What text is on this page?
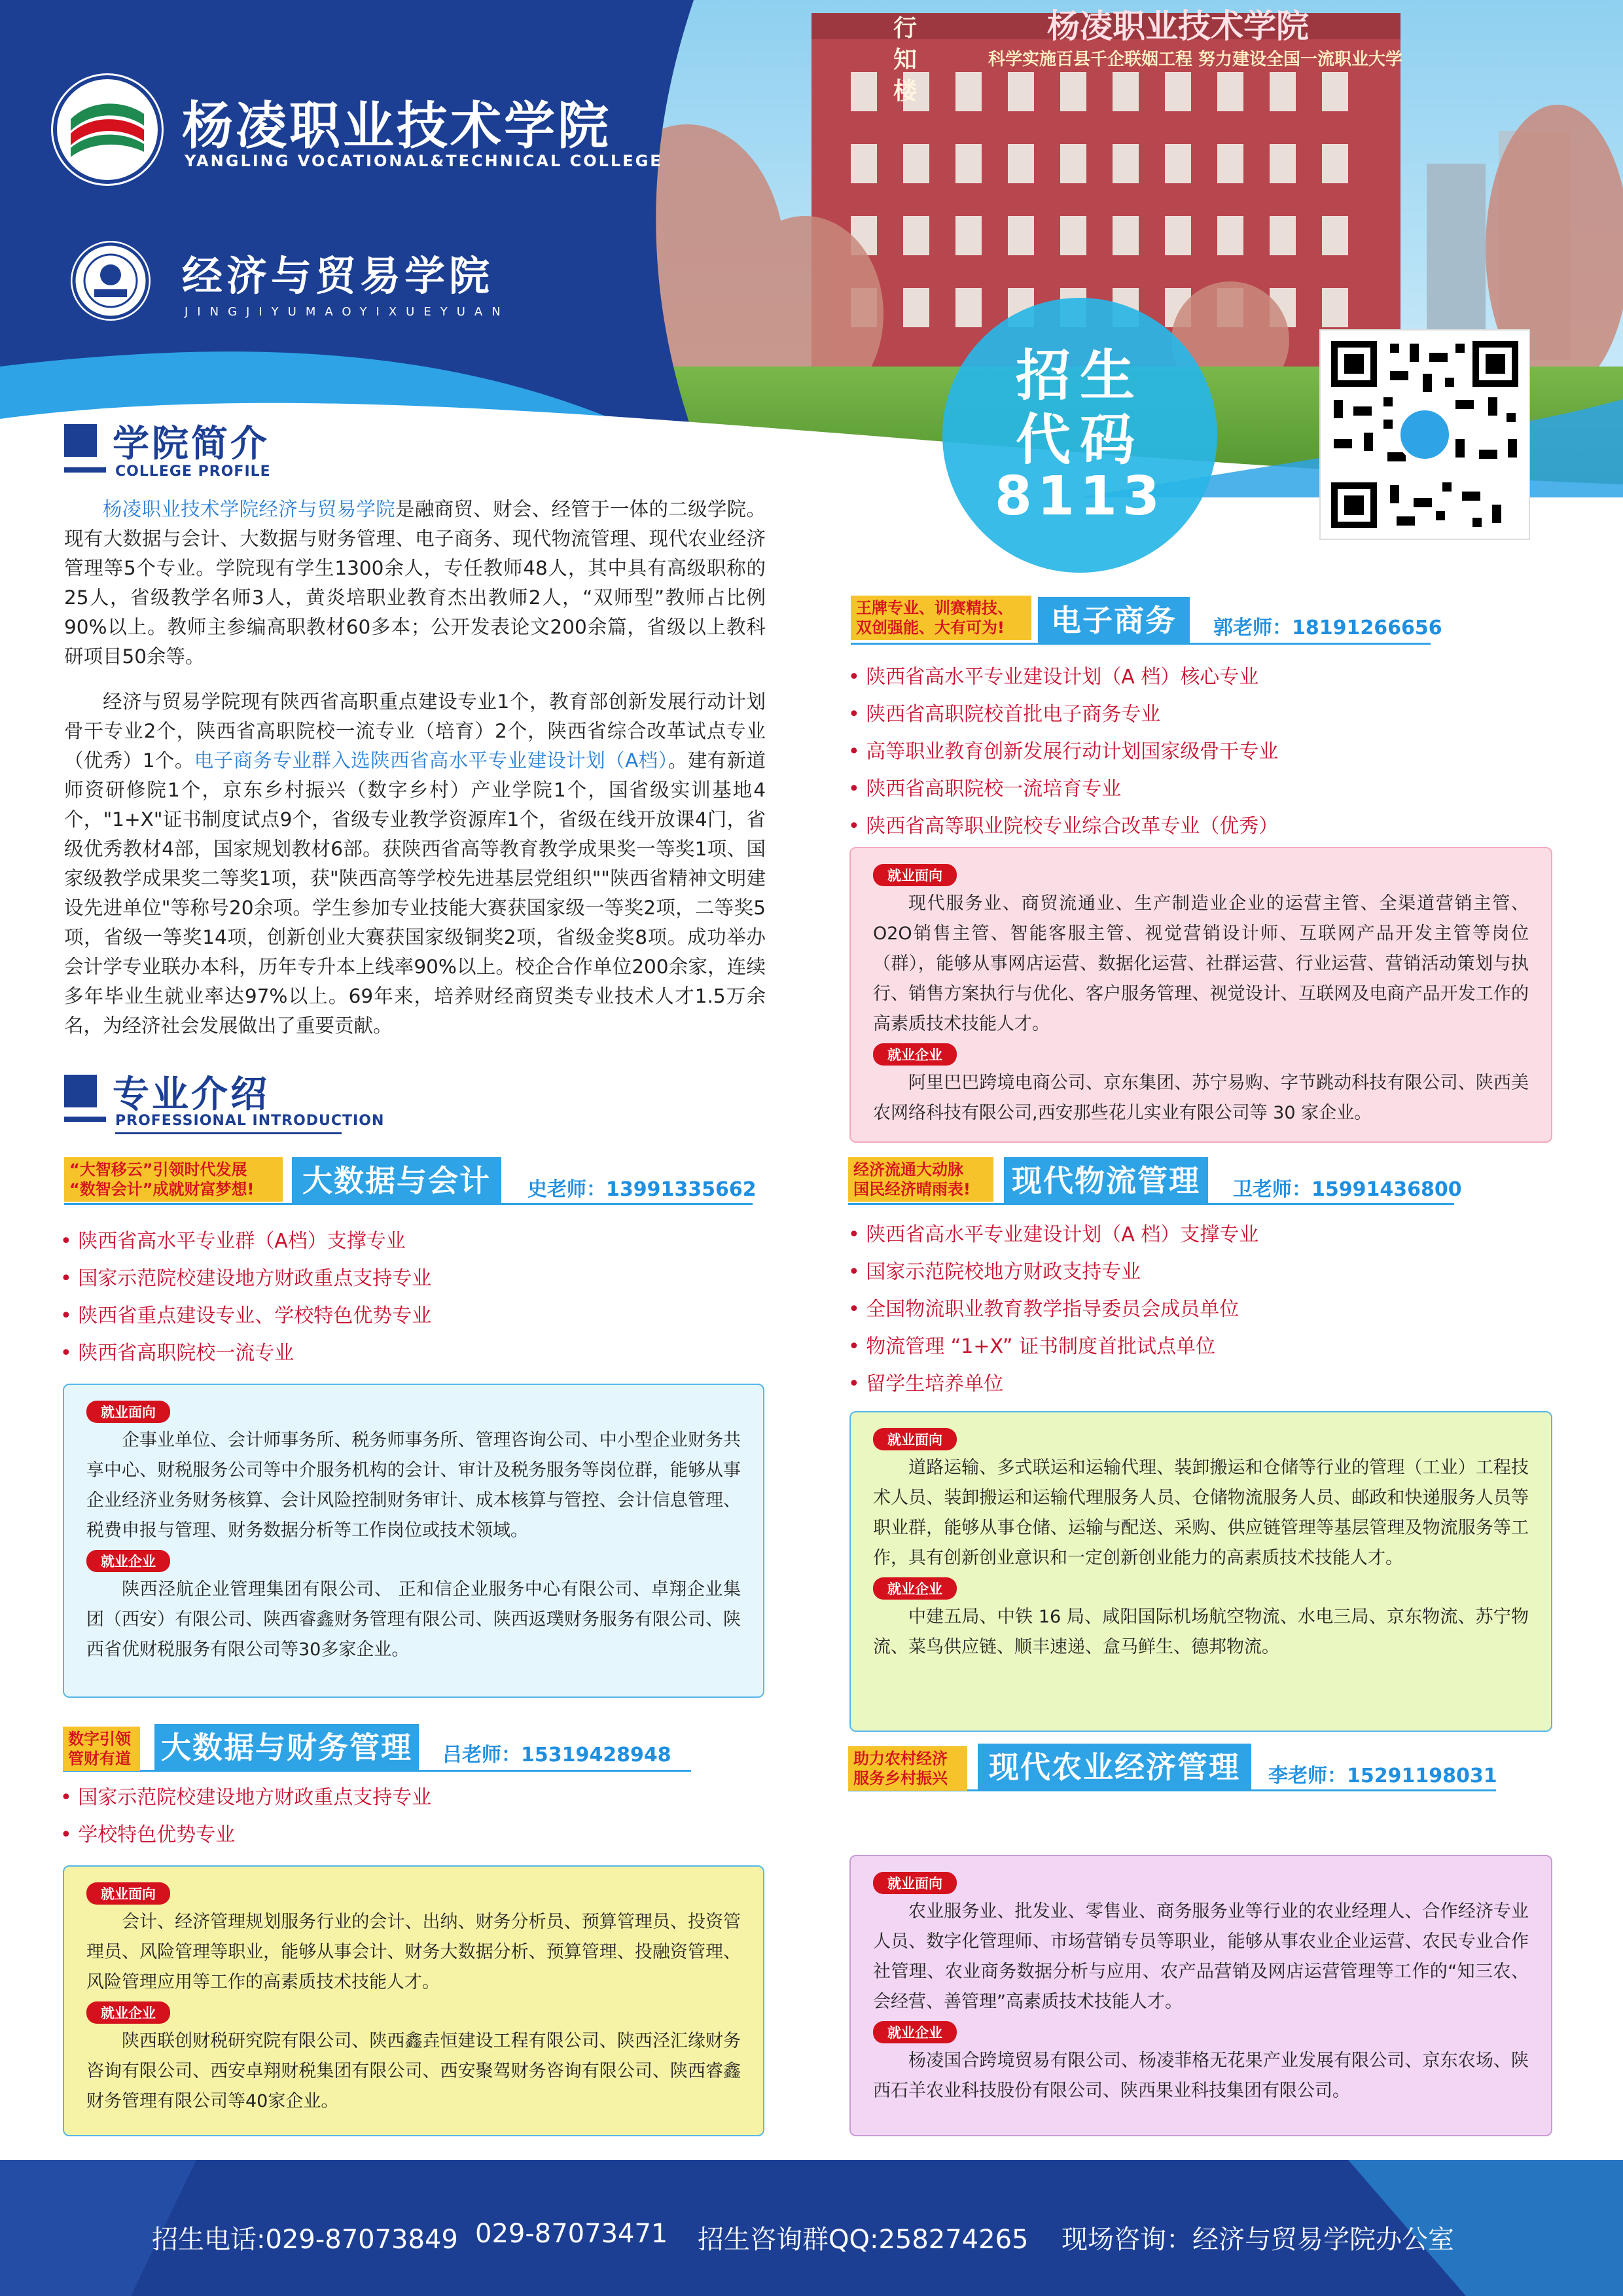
杨凌职业技术学院
科学实施百县千企联姻工程 努力建设全国一流职业大学
行知楼
杨凌职业技术学院
YANGLING VOCATIONAL&TECHNICAL COLLEGE
经济与贸易学院
JINGJIYUMAOYIXUEYUAN
招生
代码
8113
招生咨询群QQ:258274265
学院简介
COLLEGE PROFILE
杨凌职业技术学院经济与贸易学院是融商贸、财会、经管于一体的二级学院。现有大数据与会计、大数据与财务管理、电子商务、现代物流管理、现代农业经济管理等5个专业。学院现有学生1300余人，专任教师48人，其中具有高级职称的25人，省级教学名师3人，黄炎培职业教育杰出教师2人，“双师型”教师占比例90%以上。教师主参编高职教材60多本；公开发表论文200余篇，省级以上教科研项目50余等。
经济与贸易学院现有陕西省高职重点建设专业1个，教育部创新发展行动计划骨干专业2个，陕西省高职院校一流专业（培育）2个，陕西省综合改革试点专业（优秀）1个。电子商务专业群入选陕西省高水平专业建设计划（A档）。建有新道师资研修院1个，京东乡村振兴（数字乡村）产业学院1个，国省级实训基地4个，"1+X"证书制度试点9个，省级专业教学资源库1个，省级在线开放课4门，省级优秀教材4部，国家规划教材6部。获陕西省高等教育教学成果奖一等奖1项、国家级教学成果奖二等奖1项，获"陕西高等学校先进基层党组织""陕西省精神文明建设先进单位"等称号20余项。学生参加专业技能大赛获国家级一等奖2项，二等奖5项，省级一等奖14项，创新创业大赛获国家级铜奖2项，省级金奖8项。成功举办会计学专业联办本科，历年专升本上线率90%以上。校企合作单位200余家，连续多年毕业生就业率达97%以上。69年来，培养财经商贸类专业技术人才1.5万余名，为经济社会发展做出了重要贡献。
专业介绍
PROFESSIONAL INTRODUCTION
王牌专业、训赛精技、
双创强能、大有可为!	电子商务	郭老师：18191266656
• 陕西省高水平专业建设计划（A 档）核心专业
• 陕西省高职院校首批电子商务专业
• 高等职业教育创新发展行动计划国家级骨干专业
• 陕西省高职院校一流培育专业
• 陕西省高等职业院校专业综合改革专业（优秀）
就业面向
现代服务业、商贸流通业、生产制造业企业的运营主管、全渠道营销主管、O2O销售主管、智能客服主管、视觉营销设计师、互联网产品开发主管等岗位（群），能够从事网店运营、数据化运营、社群运营、行业运营、营销活动策划与执行、销售方案执行与优化、客户服务管理、视觉设计、互联网及电商产品开发工作的高素质技术技能人才。
就业企业
阿里巴巴跨境电商公司、京东集团、苏宁易购、字节跳动科技有限公司、陕西美农网络科技有限公司,西安那些花儿实业有限公司等 30 家企业。
“大智移云”引领时代发展
“数智会计”成就财富梦想!	大数据与会计	史老师：13991335662
• 陕西省高水平专业群（A档）支撑专业
• 国家示范院校建设地方财政重点支持专业
• 陕西省重点建设专业、学校特色优势专业
• 陕西省高职院校一流专业
就业面向
企事业单位、会计师事务所、税务师事务所、管理咨询公司、中小型企业财务共享中心、财税服务公司等中介服务机构的会计、审计及税务服务等岗位群，能够从事企业经济业务财务核算、会计风险控制财务审计、成本核算与管控、会计信息管理、税费申报与管理、财务数据分析等工作岗位或技术领域。
就业企业
陕西泾航企业管理集团有限公司、 正和信企业服务中心有限公司、卓翔企业集团（西安）有限公司、陕西睿鑫财务管理有限公司、陕西返璞财务服务有限公司、陕西省优财税服务有限公司等30多家企业。
经济流通大动脉
国民经济晴雨表!	现代物流管理	卫老师：15991436800
• 陕西省高水平专业建设计划（A 档）支撑专业
• 国家示范院校地方财政支持专业
• 全国物流职业教育教学指导委员会成员单位
• 物流管理 “1+X” 证书制度首批试点单位
• 留学生培养单位
就业面向
道路运输、多式联运和运输代理、装卸搬运和仓储等行业的管理（工业）工程技术人员、装卸搬运和运输代理服务人员、仓储物流服务人员、邮政和快递服务人员等职业群，能够从事仓储、运输与配送、采购、供应链管理等基层管理及物流服务等工作，具有创新创业意识和一定创新创业能力的高素质技术技能人才。
就业企业
中建五局、中铁 16 局、咸阳国际机场航空物流、水电三局、京东物流、苏宁物流、菜鸟供应链、顺丰速递、盒马鲜生、德邦物流。
数字引领
管财有道 大数据与财务管理	吕老师：15319428948
• 国家示范院校建设地方财政重点支持专业
• 学校特色优势专业
就业面向
会计、经济管理规划服务行业的会计、出纳、财务分析员、预算管理员、投资管理员、风险管理等职业，能够从事会计、财务大数据分析、预算管理、投融资管理、风险管理应用等工作的高素质技术技能人才。
就业企业
陕西联创财税研究院有限公司、陕西鑫垚恒建设工程有限公司、陕西泾汇缘财务咨询有限公司、西安卓翔财税集团有限公司、西安聚驾财务咨询有限公司、陕西睿鑫财务管理有限公司等40家企业。
助力农村经济
服务乡村振兴	现代农业经济管理	李老师：15291198031
就业面向
农业服务业、批发业、零售业、商务服务业等行业的农业经理人、合作经济专业人员、数字化管理师、市场营销专员等职业，能够从事农业企业运营、农民专业合作社管理、农业商务数据分析与应用、农产品营销及网店运营管理等工作的“知三农、会经营、善管理”高素质技术技能人才。
就业企业
杨凌国合跨境贸易有限公司、杨凌菲格无花果产业发展有限公司、京东农场、陕西石羊农业科技股份有限公司、陕西果业科技集团有限公司。
招生电话:029-87073849 029-87073471 招生咨询群QQ:258274265 现场咨询：经济与贸易学院办公室
